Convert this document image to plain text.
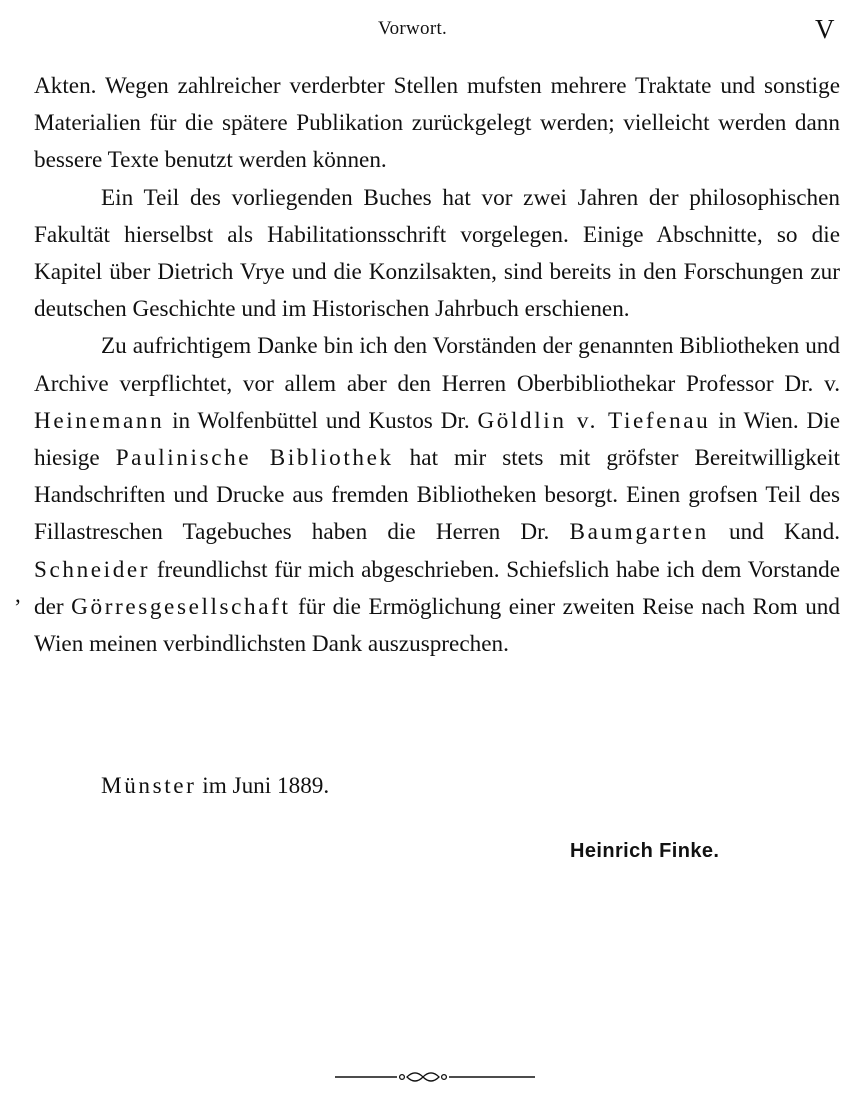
Vorwort.	V

Akten. Wegen zahlreicher verderbter Stellen mufsten mehrere Traktate und sonstige Materialien für die spätere Publikation zurückgelegt werden; vielleicht werden dann bessere Texte benutzt werden können.

Ein Teil des vorliegenden Buches hat vor zwei Jahren der philosophischen Fakultät hierselbst als Habilitationsschrift vorgelegen. Einige Abschnitte, so die Kapitel über Dietrich Vrye und die Konzilsakten, sind bereits in den Forschungen zur deutschen Geschichte und im Historischen Jahrbuch erschienen.

Zu aufrichtigem Danke bin ich den Vorständen der genannten Bibliotheken und Archive verpflichtet, vor allem aber den Herren Oberbibliothekar Professor Dr. v. Heinemann in Wolfenbüttel und Kustos Dr. Göldlin v. Tiefenau in Wien. Die hiesige Paulinische Bibliothek hat mir stets mit gröfster Bereitwilligkeit Handschriften und Drucke aus fremden Bibliotheken besorgt. Einen grofsen Teil des Fillastreschen Tagebuches haben die Herren Dr. Baumgarten und Kand. Schneider freundlichst für mich abgeschrieben. Schiefslich habe ich dem Vorstande der Görresgesellschaft für die Ermöglichung einer zweiten Reise nach Rom und Wien meinen verbindlichsten Dank auszusprechen.

,
Münster im Juni 1889.
Heinrich Finke.
